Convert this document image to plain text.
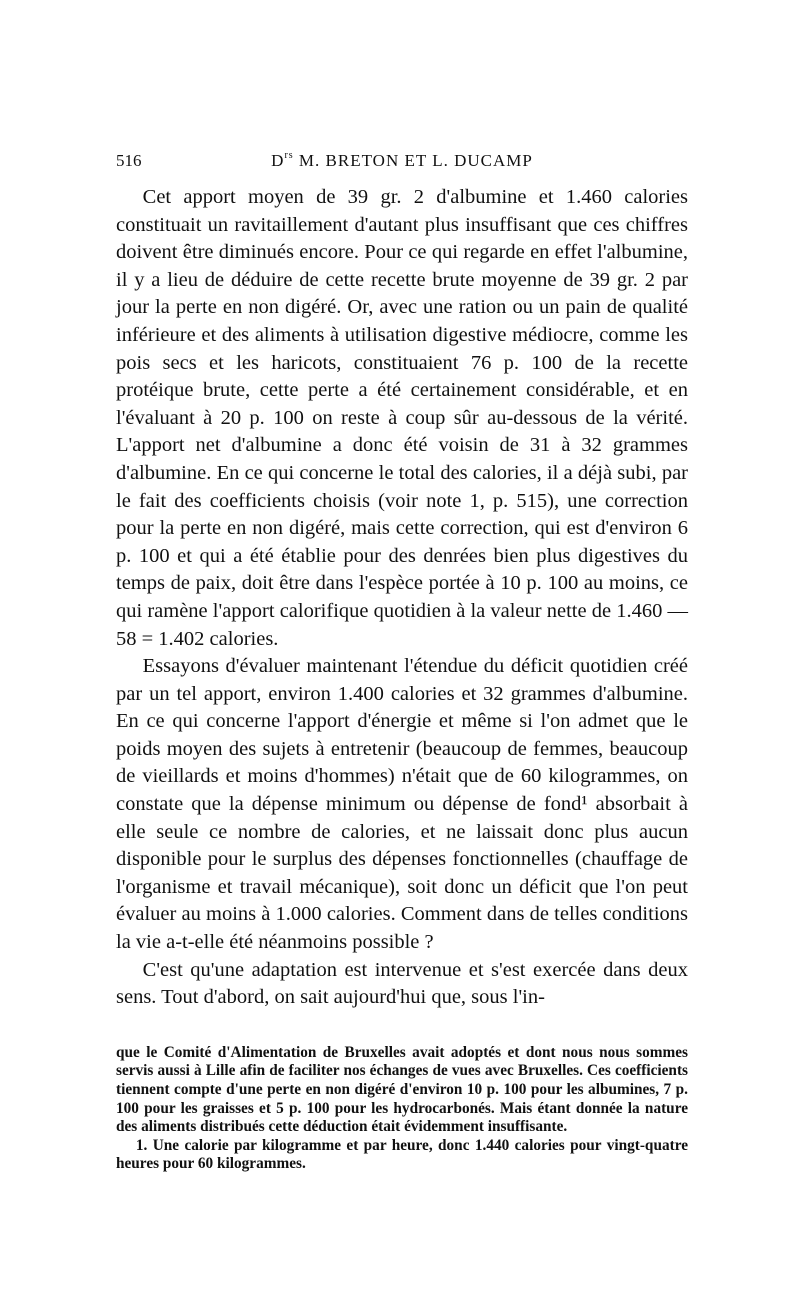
516	$D^{rs}$ M. BRETON ET L. DUCAMP

Cet apport moyen de 39 gr. 2 d'albumine et 1.460 calories constituait un ravitaillement d'autant plus insuffisant que ces chiffres doivent être diminués encore. Pour ce qui regarde en effet l'albumine, il y a lieu de déduire de cette recette brute moyenne de 39 gr. 2 par jour la perte en non digéré. Or, avec une ration ou un pain de qualité inférieure et des aliments à utilisation digestive médiocre, comme les pois secs et les haricots, constituaient 76 p. 100 de la recette protéique brute, cette perte a été certainement considérable, et en l'évaluant à 20 p. 100 on reste à coup sûr au-dessous de la vérité. L'apport net d'albumine a donc été voisin de 31 à 32 grammes d'albumine. En ce qui concerne le total des calories, il a déjà subi, par le fait des coefficients choisis (voir note 1, p. 515), une correction pour la perte en non digéré, mais cette correction, qui est d'environ 6 p. 100 et qui a été établie pour des denrées bien plus digestives du temps de paix, doit être dans l'espèce portée à 10 p. 100 au moins, ce qui ramène l'apport calorifique quotidien à la valeur nette de 1.460 — 58 = 1.402 calories.

Essayons d'évaluer maintenant l'étendue du déficit quotidien créé par un tel apport, environ 1.400 calories et 32 grammes d'albumine. En ce qui concerne l'apport d'énergie et même si l'on admet que le poids moyen des sujets à entretenir (beaucoup de femmes, beaucoup de vieillards et moins d'hommes) n'était que de 60 kilogrammes, on constate que la dépense minimum ou dépense de fond¹ absorbait à elle seule ce nombre de calories, et ne laissait donc plus aucun disponible pour le surplus des dépenses fonctionnelles (chauffage de l'organisme et travail mécanique), soit donc un déficit que l'on peut évaluer au moins à 1.000 calories. Comment dans de telles conditions la vie a-t-elle été néanmoins possible ?

C'est qu'une adaptation est intervenue et s'est exercée dans deux sens. Tout d'abord, on sait aujourd'hui que, sous l'in-

que le Comité d'Alimentation de Bruxelles avait adoptés et dont nous nous sommes servis aussi à Lille afin de faciliter nos échanges de vues avec Bruxelles. Ces coefficients tiennent compte d'une perte en non digéré d'environ 10 p. 100 pour les albumines, 7 p. 100 pour les graisses et 5 p. 100 pour les hydrocarbonés. Mais étant donnée la nature des aliments distribués cette déduction était évidemment insuffisante.

1. Une calorie par kilogramme et par heure, donc 1.440 calories pour vingt-quatre heures pour 60 kilogrammes.
